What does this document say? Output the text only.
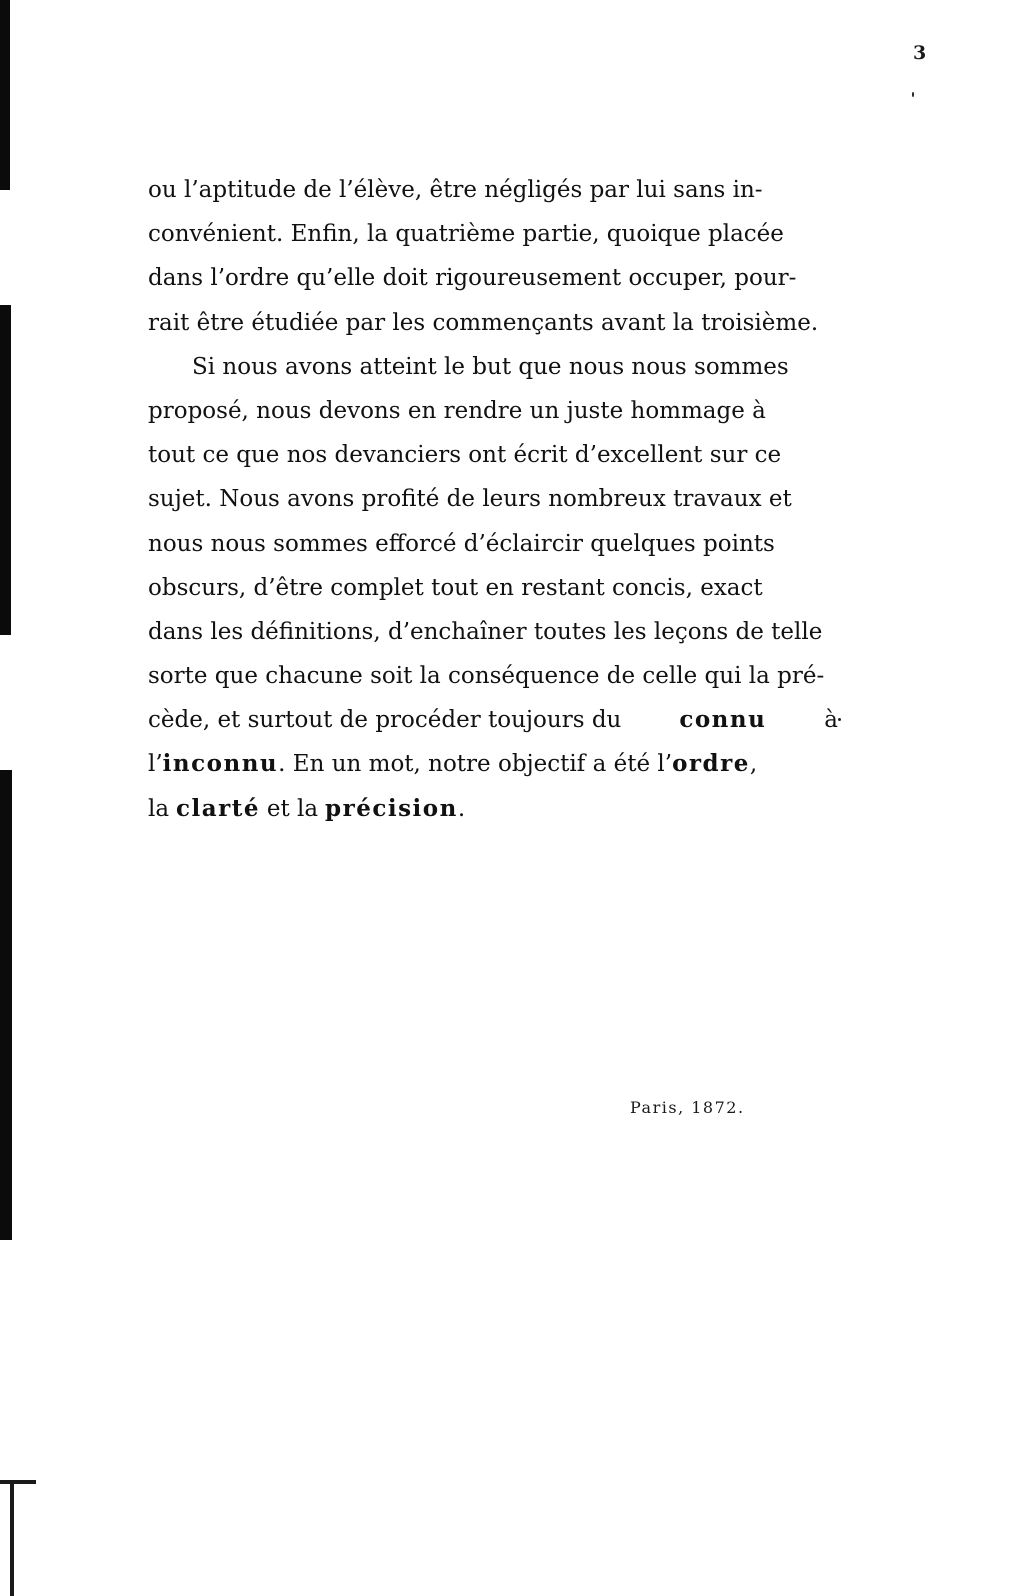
3
ou l’aptitude de l’élève, être négligés par lui sans in-
convénient. Enfin, la quatrième partie, quoique placée
dans l’ordre qu’elle doit rigoureusement occuper, pour-
rait être étudiée par les commençants avant la troisième.
Si nous avons atteint le but que nous nous sommes
proposé, nous devons en rendre un juste hommage à
tout ce que nos devanciers ont écrit d’excellent sur ce
sujet. Nous avons profité de leurs nombreux travaux et
nous nous sommes efforcé d’éclaircir quelques points
obscurs, d’être complet tout en restant concis, exact
dans les définitions, d’enchaîner toutes les leçons de telle
sorte que chacune soit la conséquence de celle qui la pré-
cède, et surtout de procéder toujours du	connu	à
l’ inconnu . En un mot, notre objectif a été l’ ordre ,
la clarté et la précision .
Paris, 1872.
